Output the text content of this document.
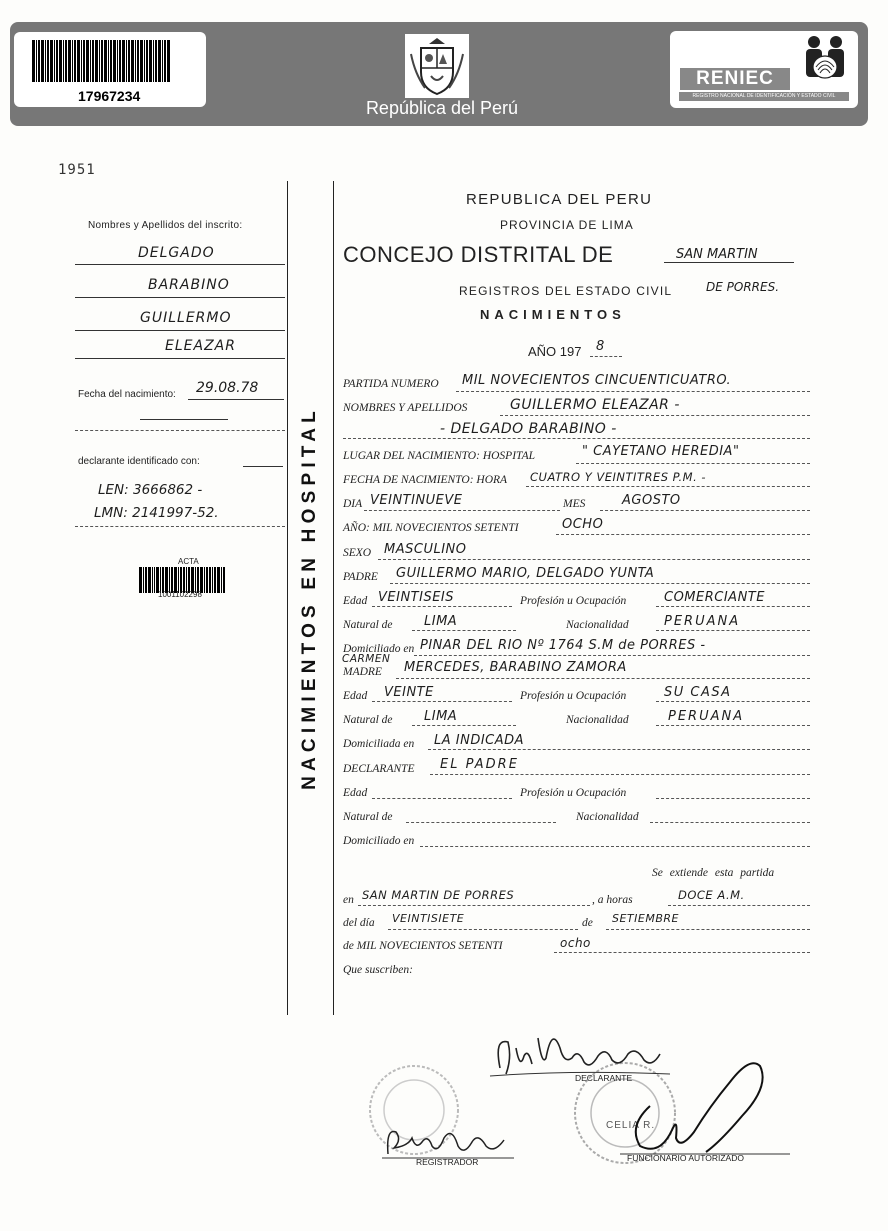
17967234
República del Perú
RENIEC
REGISTRO NACIONAL DE IDENTIFICACIÓN Y ESTADO CIVIL
1951
Nombres y Apellidos del inscrito:
DELGADO
BARABINO
GUILLERMO
ELEAZAR
Fecha del nacimiento: 29.08.78
declarante identificado con:
LEN: 3666862 -
LMN: 2141997-52.
ACTA
1001102298	NACIMIENTOS EN HOSPITAL
REPUBLICA DEL PERU
PROVINCIA DE LIMA
CONCEJO DISTRITAL DE	SAN MARTIN
REGISTROS DEL ESTADO CIVIL	DE PORRES.
NACIMIENTOS
AÑO 197 8
PARTIDA NUMERO MIL NOVECIENTOS CINCUENTICUATRO.
NOMBRES Y APELLIDOS	GUILLERMO ELEAZAR -
- DELGADO BARABINO -
LUGAR DEL NACIMIENTO: HOSPITAL	" CAYETANO HEREDIA"
FECHA DE NACIMIENTO: HORA CUATRO Y VEINTITRES P.M. -
DIA VEINTINUEVE	MES	AGOSTO
AÑO: MIL NOVECIENTOS SETENTI	OCHO
SEXO MASCULINO
PADRE GUILLERMO MARIO, DELGADO YUNTA
Edad VEINTISEIS	Profesión u Ocupación	COMERCIANTE
Natural de LIMA	Nacionalidad	PERUANA
Domiciliado en PINAR DEL RIO Nº 1764 S.M de PORRES -
CARMEN
MADRE MERCEDES, BARABINO ZAMORA
Edad VEINTE	Profesión u Ocupación	SU CASA
Natural de LIMA	Nacionalidad	PERUANA
Domiciliada en LA INDICADA
DECLARANTE EL PADRE
Edad	Profesión u Ocupación
Natural de	Nacionalidad
Domiciliado en
Se extiende esta partida
en SAN MARTIN DE PORRES	, a horas	DOCE A.M.
del día VEINTISIETE	de SETIEMBRE
de MIL NOVECIENTOS SETENTI	ocho
Que suscriben:
CELIA R.
DECLARANTE
REGISTRADOR	FUNCIONARIO AUTORIZADO
